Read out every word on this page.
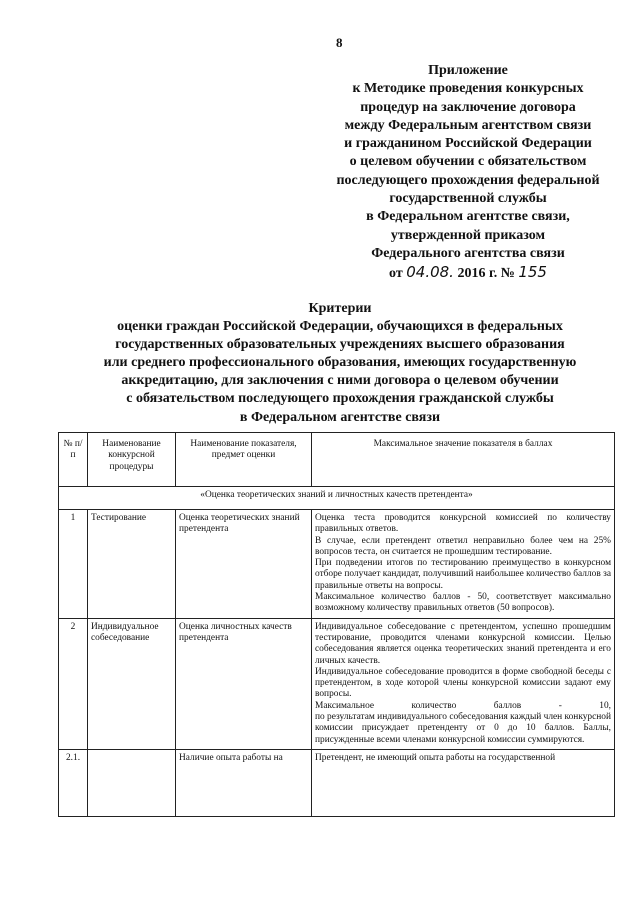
8
Приложение
к Методике проведения конкурсных
процедур на заключение договора
между Федеральным агентством связи
и гражданином Российской Федерации
о целевом обучении с обязательством
последующего прохождения федеральной
государственной службы
в Федеральном агентстве связи,
утвержденной приказом
Федерального агентства связи
от 04.08. 2016 г. № 155
Критерии
оценки граждан Российской Федерации, обучающихся в федеральных
государственных образовательных учреждениях высшего образования
или среднего профессионального образования, имеющих государственную
аккредитацию, для заключения с ними договора о целевом обучении
с обязательством последующего прохождения гражданской службы
в Федеральном агентстве связи
№ п/п	Наименование конкурсной процедуры	Наименование показателя, предмет оценки	Максимальное значение показателя в баллах
«Оценка теоретических знаний и личностных качеств претендента»			
1	Тестирование	Оценка теоретических знаний претендента	Оценка теста проводится конкурсной комиссией по количеству правильных ответов.

В случае, если претендент ответил неправильно более чем на 25% вопросов теста, он считается не прошедшим тестирование.

При подведении итогов по тестированию преимущество в конкурсном отборе получает кандидат, получивший наибольшее количество баллов за правильные ответы на вопросы.

Максимальное количество баллов - 50, соответствует максимально возможному количеству правильных ответов (50 вопросов).

2	Индивидуальное собеседование	Оценка личностных качеств претендента	Индивидуальное собеседование с претендентом, успешно прошедшим тестирование, проводится членами конкурсной комиссии. Целью собеседования является оценка теоретических знаний претендента и его личных качеств.

Индивидуальное собеседование проводится в форме свободной беседы с претендентом, в ходе которой члены конкурсной комиссии задают ему вопросы.

Максимальное количество баллов - 10,

по результатам индивидуального собеседования каждый член конкурсной комиссии присуждает претенденту от 0 до 10 баллов. Баллы, присужденные всеми членами конкурсной комиссии суммируются.

2.1.		Наличие опыта работы на	Претендент, не имеющий опыта работы на государственной
